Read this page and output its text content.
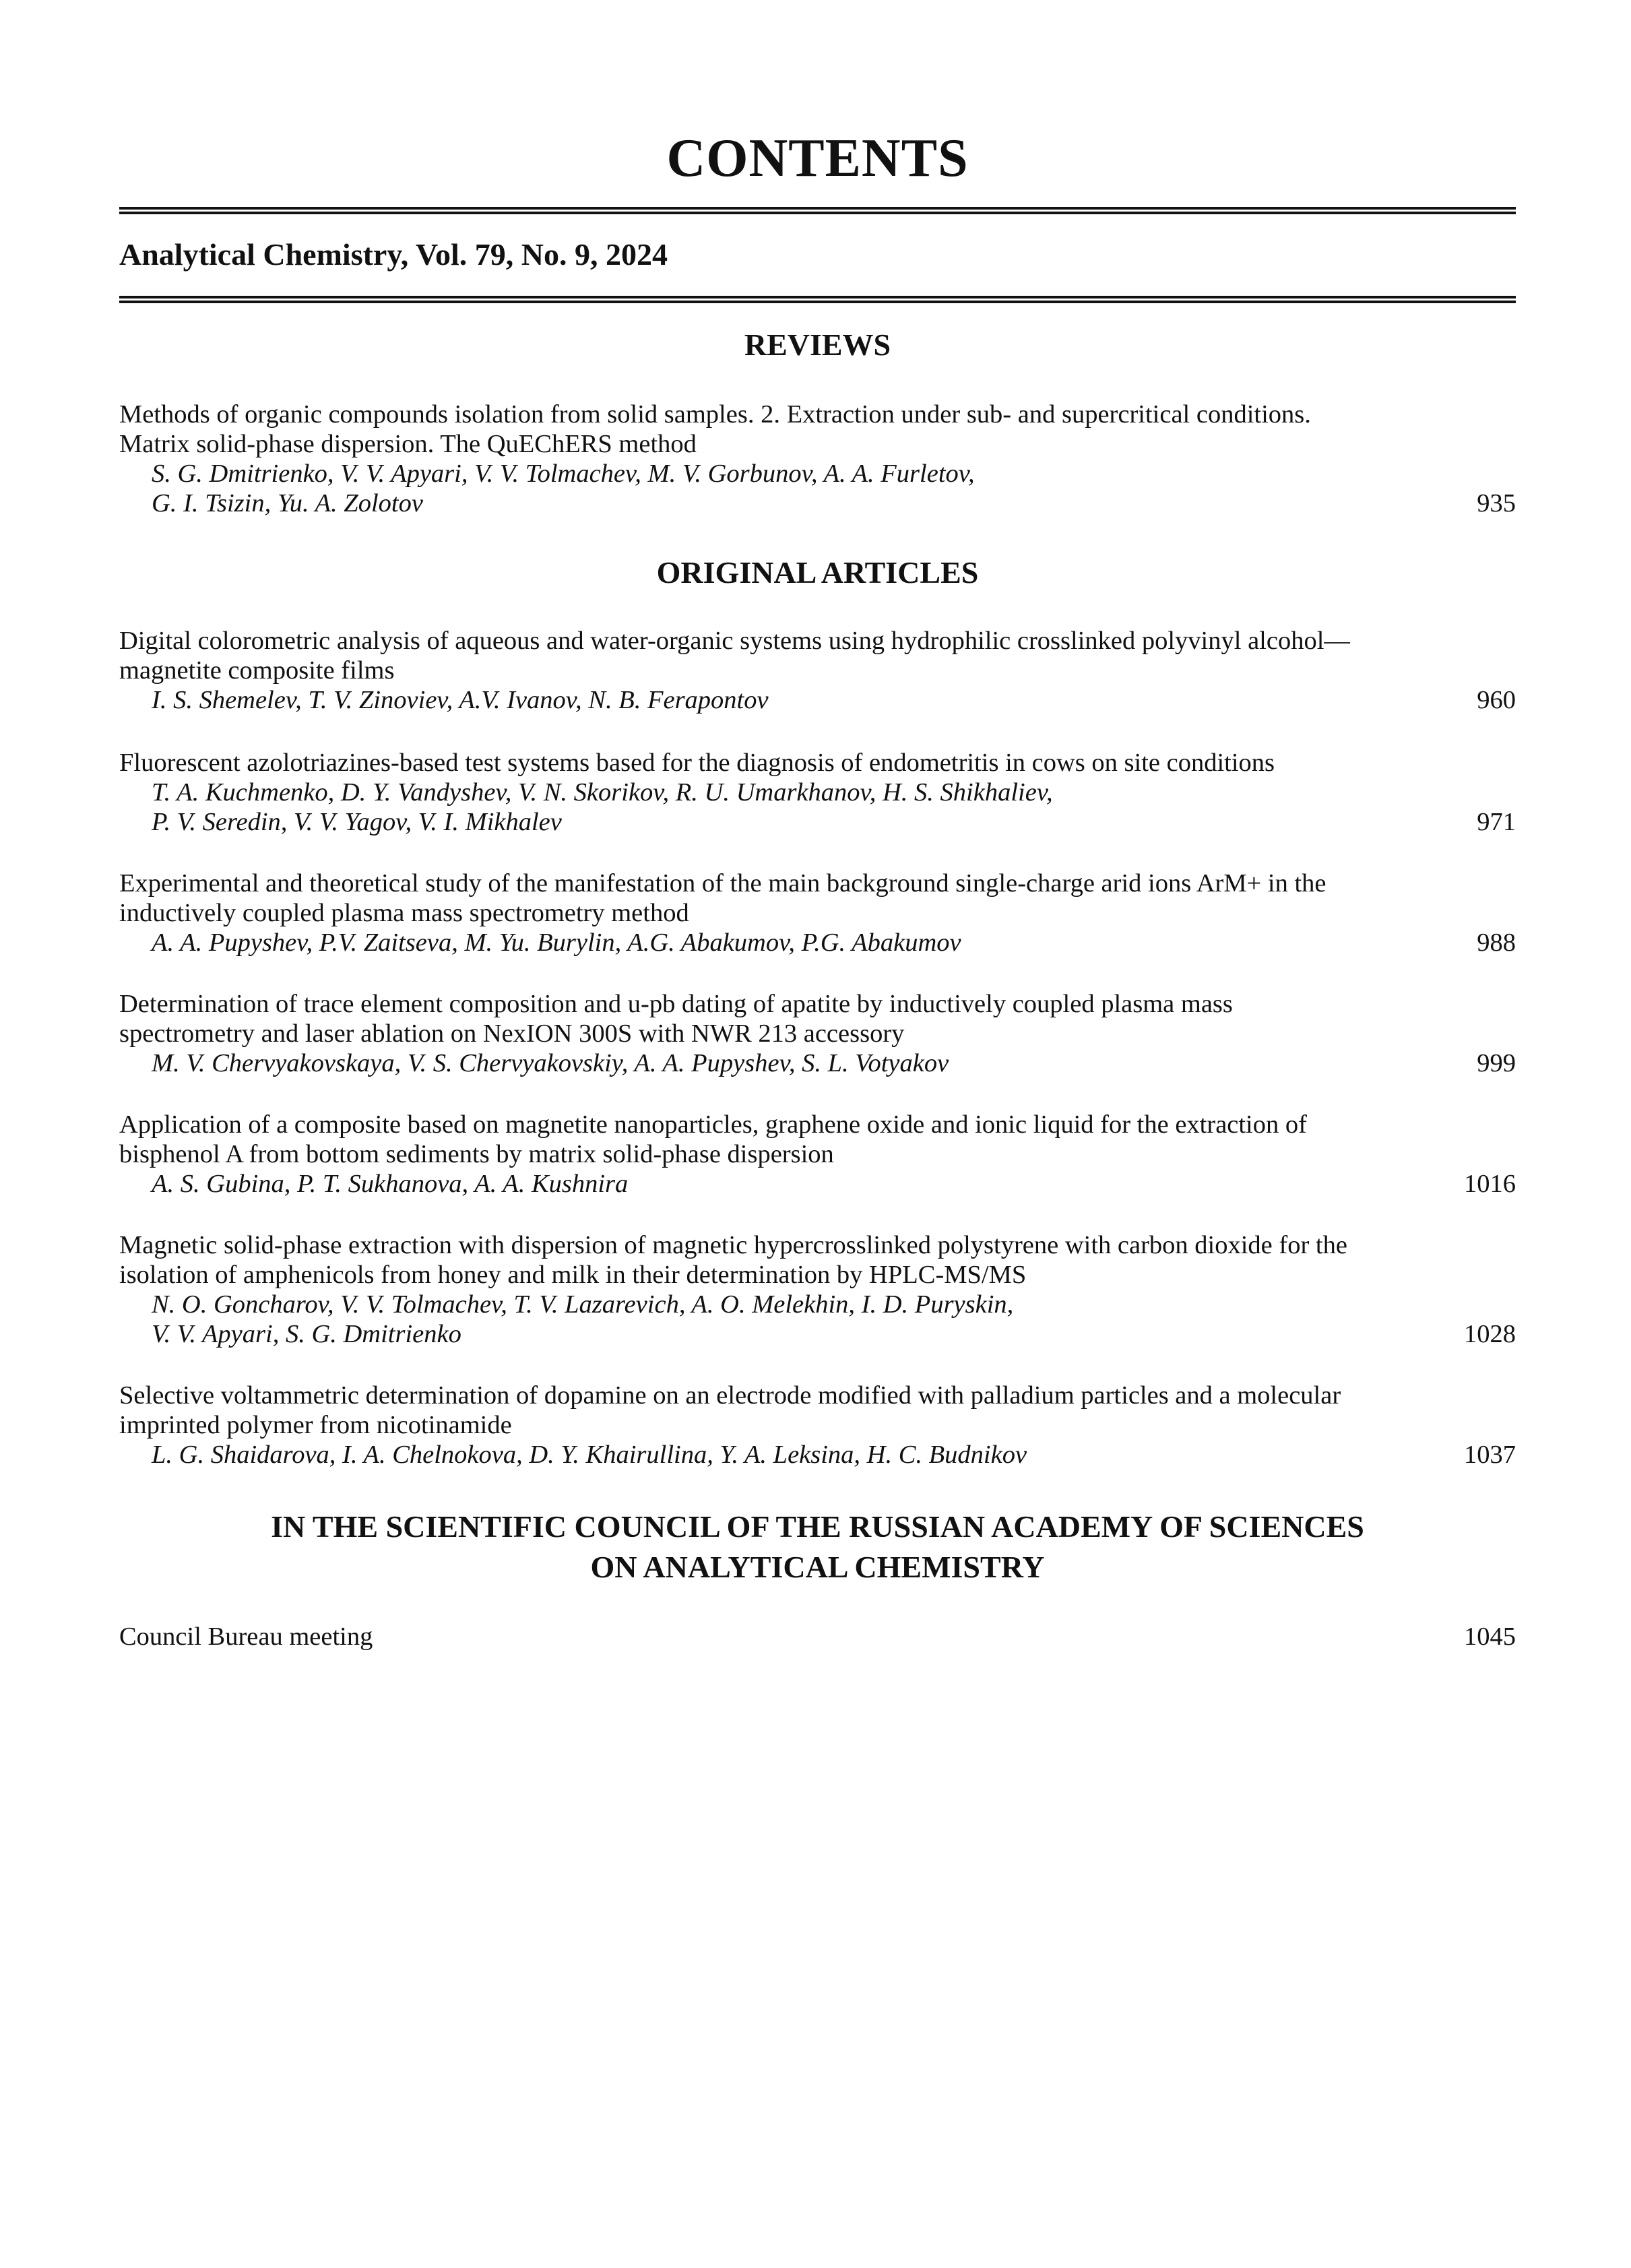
CONTENTS
Analytical Chemistry, Vol. 79, No. 9, 2024
REVIEWS
Methods of organic compounds isolation from solid samples. 2. Extraction under sub- and supercritical conditions.
Matrix solid-phase dispersion. The QuEChERS method
S. G. Dmitrienko, V. V. Apyari, V. V. Tolmachev, M. V. Gorbunov, A. A. Furletov,
G. I. Tsizin, Yu. A. Zolotov	935
ORIGINAL ARTICLES
Digital colorometric analysis of aqueous and water-organic systems using hydrophilic crosslinked polyvinyl alcohol—
magnetite composite films
I. S. Shemelev, T. V. Zinoviev, A.V. Ivanov, N. B. Ferapontov	960
Fluorescent azolotriazines-based test systems based for the diagnosis of endometritis in cows on site conditions
T. A. Kuchmenko, D. Y. Vandyshev, V. N. Skorikov, R. U. Umarkhanov, H. S. Shikhaliev,
P. V. Seredin, V. V. Yagov, V. I. Mikhalev	971
Experimental and theoretical study of the manifestation of the main background single-charge arid ions ArM+ in the
inductively coupled plasma mass spectrometry method
A. A. Pupyshev, P.V. Zaitseva, M. Yu. Burylin, A.G. Abakumov, P.G. Abakumov	988
Determination of trace element composition and u-pb dating of apatite by inductively coupled plasma mass
spectrometry and laser ablation on NexION 300S with NWR 213 accessory
M. V. Chervyakovskaya, V. S. Chervyakovskiy, A. A. Pupyshev, S. L. Votyakov	999
Application of a composite based on magnetite nanoparticles, graphene oxide and ionic liquid for the extraction of
bisphenol A from bottom sediments by matrix solid-phase dispersion
A. S. Gubina, P. T. Sukhanova, A. A. Kushnira	1016
Magnetic solid-phase extraction with dispersion of magnetic hypercrosslinked polystyrene with carbon dioxide for the
isolation of amphenicols from honey and milk in their determination by HPLC-MS/MS
N. O. Goncharov, V. V. Tolmachev, T. V. Lazarevich, A. O. Melekhin, I. D. Puryskin,
V. V. Apyari, S. G. Dmitrienko	1028
Selective voltammetric determination of dopamine on an electrode modified with palladium particles and a molecular
imprinted polymer from nicotinamide
L. G. Shaidarova, I. A. Chelnokova, D. Y. Khairullina, Y. A. Leksina, H. C. Budnikov	1037
IN THE SCIENTIFIC COUNCIL OF THE RUSSIAN ACADEMY OF SCIENCES
ON ANALYTICAL CHEMISTRY
Council Bureau meeting	1045
